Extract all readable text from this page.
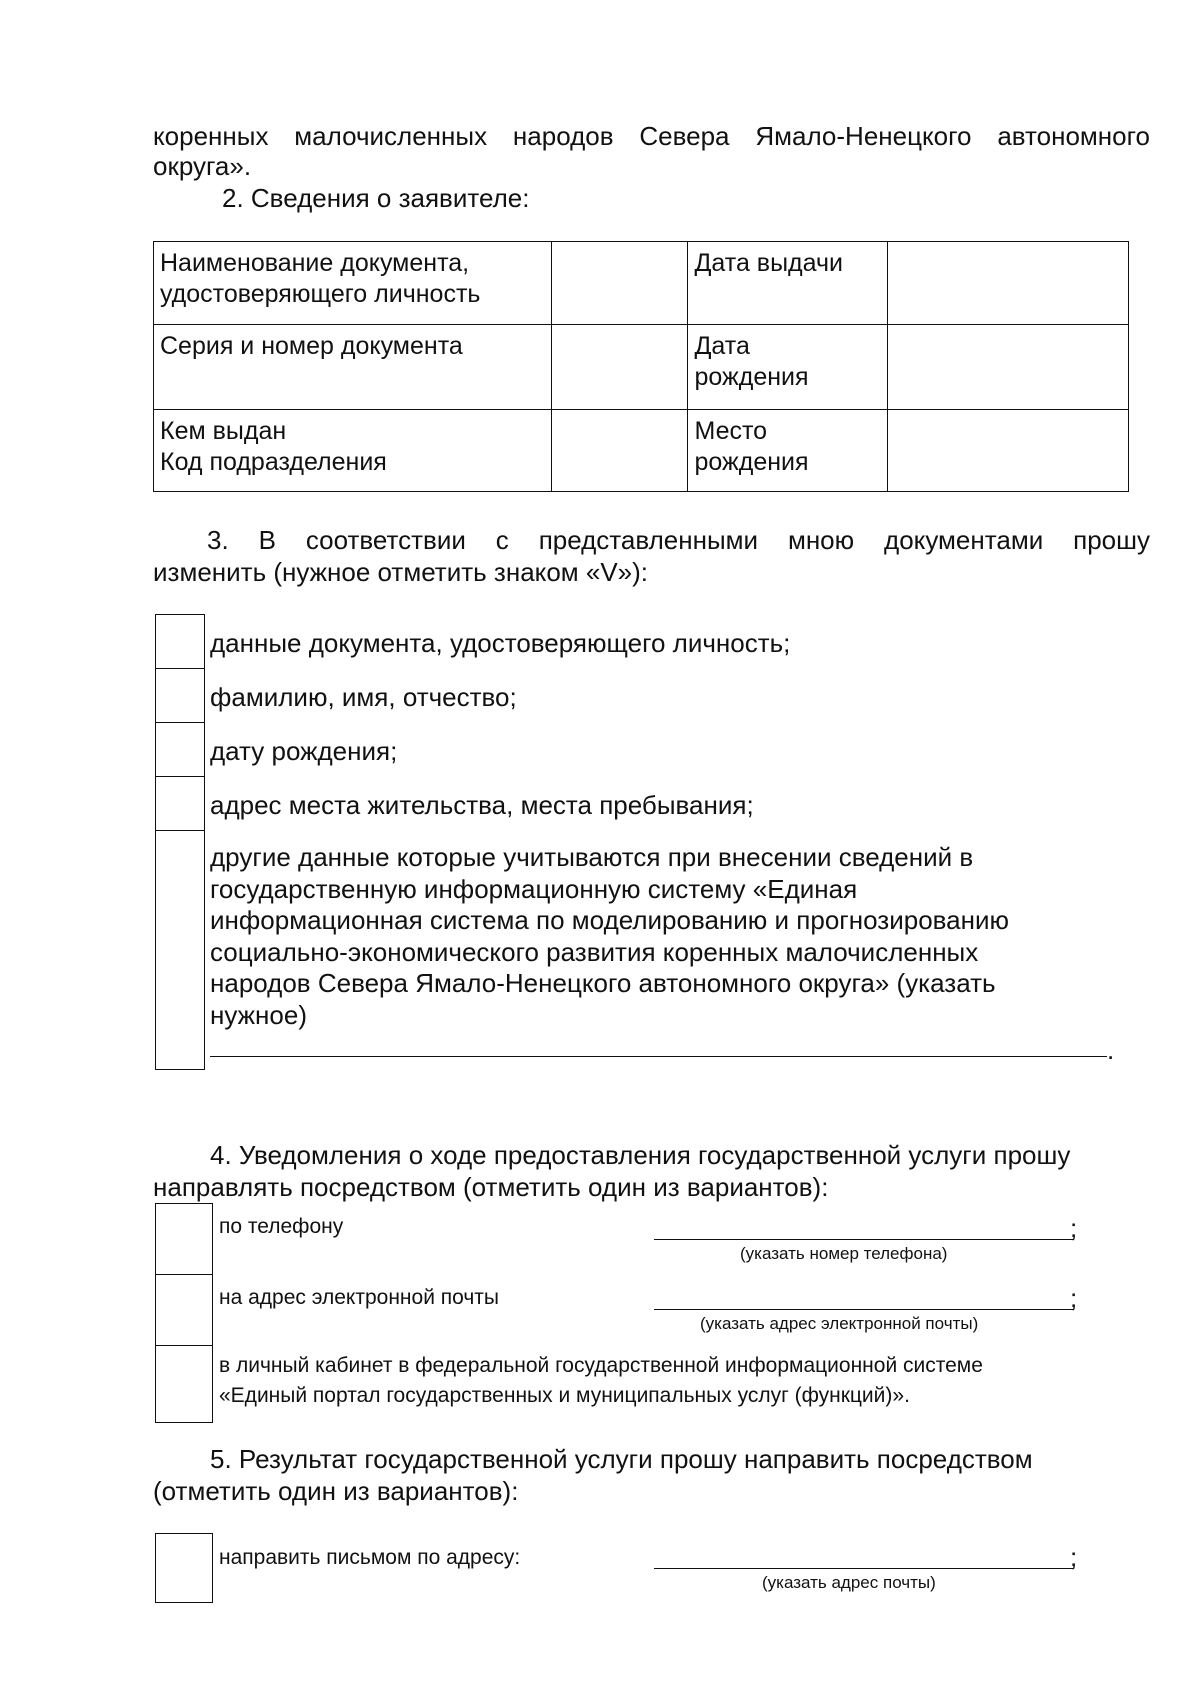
коренных малочисленных народов Севера Ямало-Ненецкого автономного
округа».
2. Сведения о заявителе:
Наименование документа,
удостоверяющего личность		Дата выдачи	
Серия и номер документа		Дата
рождения	
Кем выдан
Код подразделения		Место
рождения	
3. В соответствии с представленными мною документами прошу
изменить (нужное отметить знаком «V»):
данные документа, удостоверяющего личность;
фамилию, имя, отчество;
дату рождения;
адрес места жительства, места пребывания;
другие данные которые учитываются при внесении сведений в
государственную информационную систему «Единая
информационная система по моделированию и прогнозированию
социально-экономического развития коренных малочисленных
народов Севера Ямало-Ненецкого автономного округа» (указать
нужное)
.
4. Уведомления о ходе предоставления государственной услуги прошу
направлять посредством (отметить один из вариантов):
по телефону	;
(указать номер телефона)
на адрес электронной почты	;
(указать адрес электронной почты)
в личный кабинет в федеральной государственной информационной системе
«Единый портал государственных и муниципальных услуг (функций)».
5. Результат государственной услуги прошу направить посредством
(отметить один из вариантов):
направить письмом по адресу:	;
(указать адрес почты)
